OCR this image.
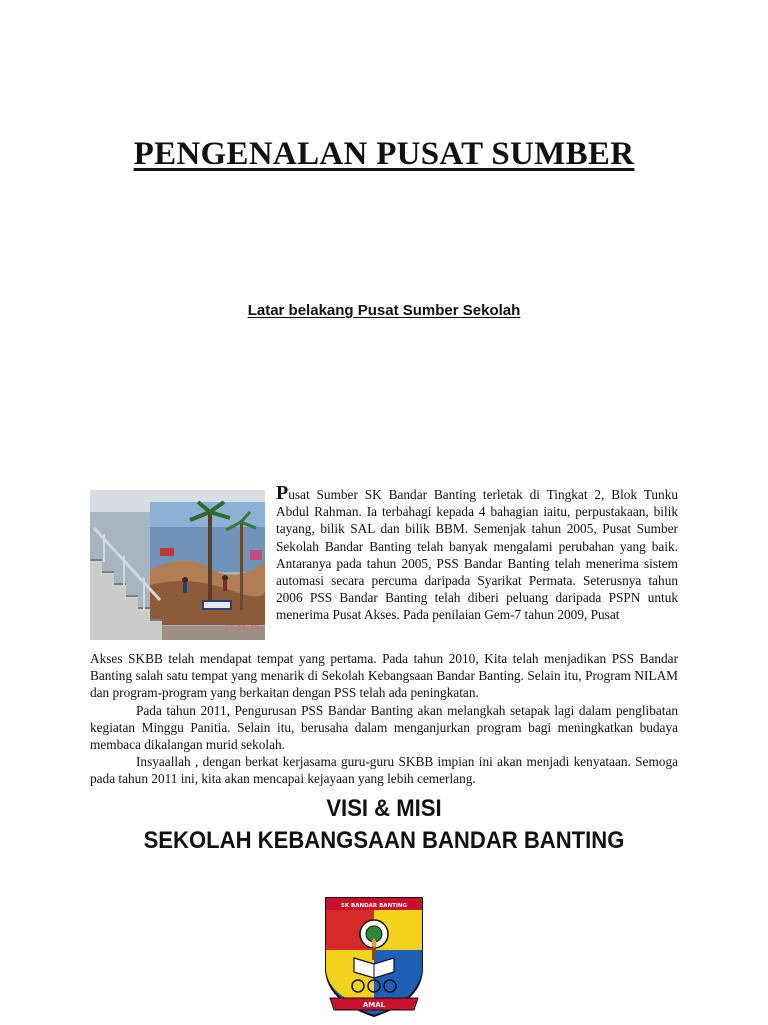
PENGENALAN PUSAT SUMBER
Latar belakang Pusat Sumber Sekolah
12:53 PM

Pusat Sumber SK Bandar Banting terletak di Tingkat 2, Blok Tunku Abdul Rahman. Ia terbahagi kepada 4 bahagian iaitu, perpustakaan, bilik tayang, bilik SAL dan bilik BBM. Semenjak tahun 2005, Pusat Sumber Sekolah Bandar Banting telah banyak mengalami perubahan yang baik. Antaranya pada tahun 2005, PSS Bandar Banting telah menerima sistem automasi secara percuma daripada Syarikat Permata. Seterusnya tahun 2006 PSS Bandar Banting telah diberi peluang daripada PSPN untuk menerima Pusat Akses. Pada penilaian Gem-7 tahun 2009, Pusat

Akses SKBB telah mendapat tempat yang pertama. Pada tahun 2010, Kita telah menjadikan PSS Bandar Banting salah satu tempat yang menarik di Sekolah Kebangsaan Bandar Banting. Selain itu, Program NILAM dan program-program yang berkaitan dengan PSS telah ada peningkatan.

Pada tahun 2011, Pengurusan PSS Bandar Banting akan melangkah setapak lagi dalam penglibatan kegiatan Minggu Panitia. Selain itu, berusaha dalam menganjurkan program bagi meningkatkan budaya membaca dikalangan murid sekolah.

Insyaallah , dengan berkat kerjasama guru-guru SKBB impian ini akan menjadi kenyataan. Semoga pada tahun 2011 ini, kita akan mencapai kejayaan yang lebih cemerlang.

VISI & MISI
SEKOLAH KEBANGSAAN BANDAR BANTING
SK BANDAR BANTING
AMAL
